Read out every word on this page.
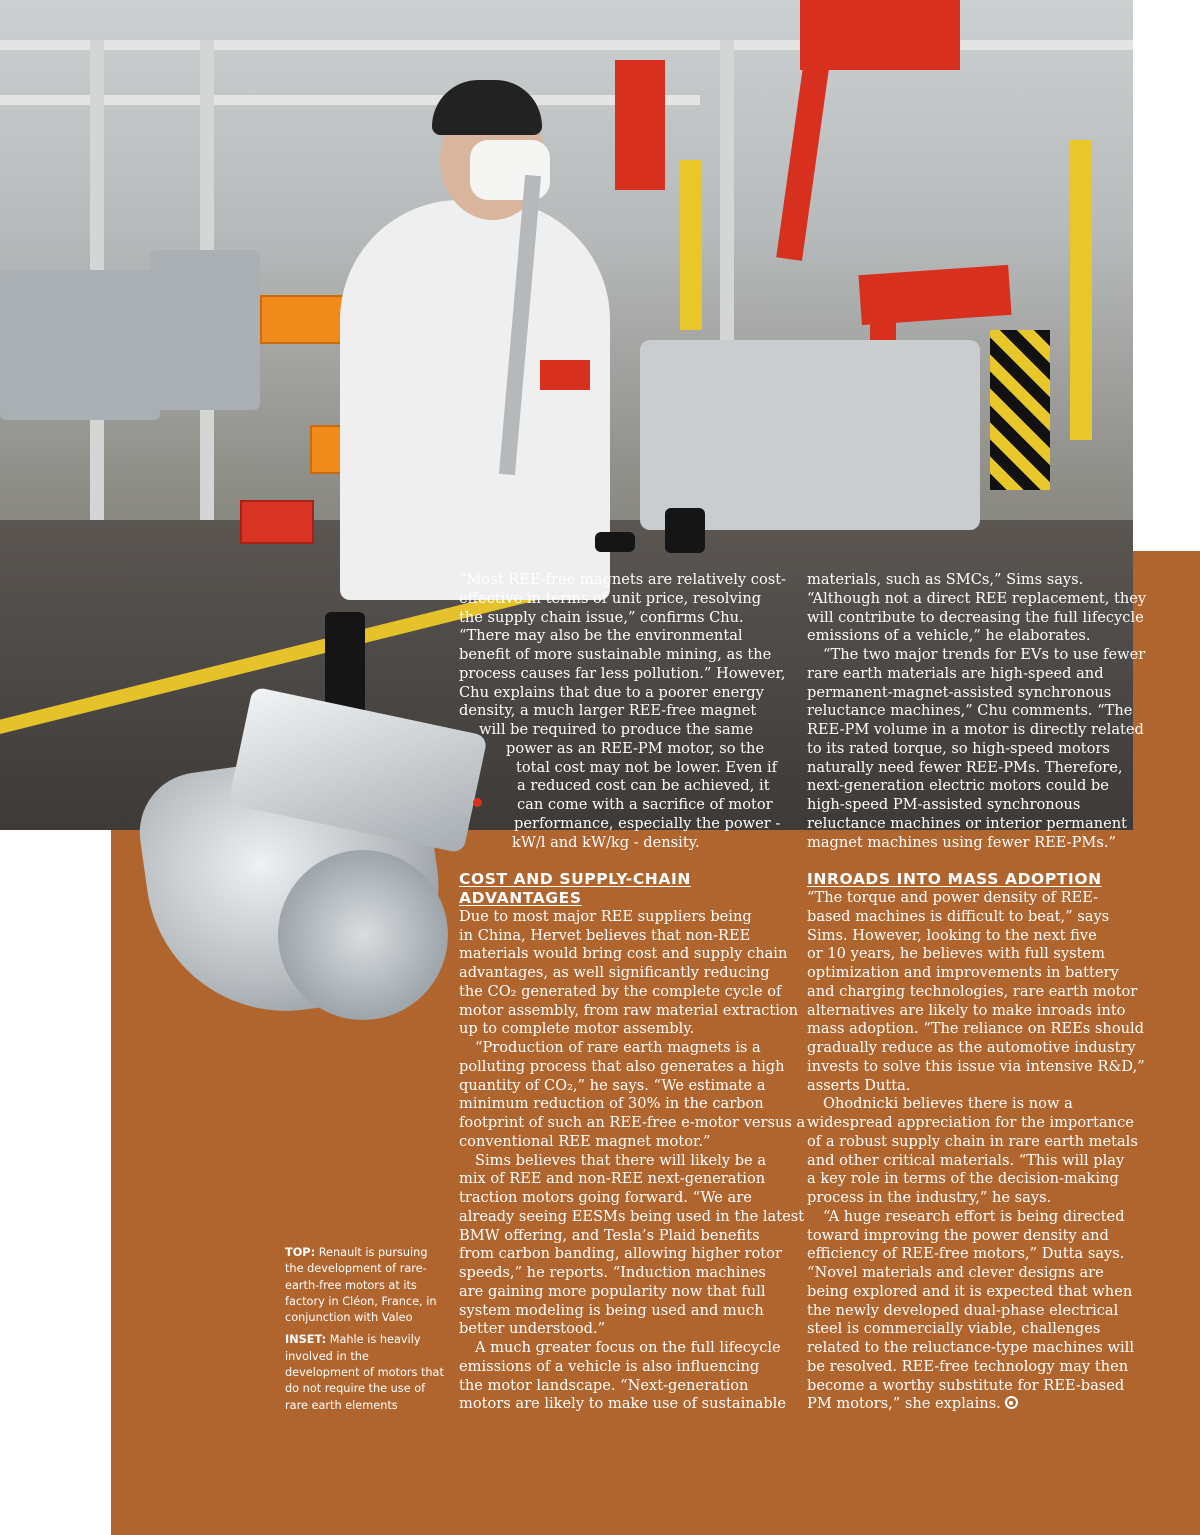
“Most REE-free magnets are relatively cost-
effective in terms of unit price, resolving
the supply chain issue,” confirms Chu.
“There may also be the environmental
benefit of more sustainable mining, as the
process causes far less pollution.” However,
Chu explains that due to a poorer energy
density, a much larger REE-free magnet
will be required to produce the same
power as an REE-PM motor, so the
total cost may not be lower. Even if
a reduced cost can be achieved, it
can come with a sacrifice of motor
performance, especially the power -
kW/l and kW/kg - density.

COST AND SUPPLY-CHAIN
ADVANTAGES

Due to most major REE suppliers being
in China, Hervet believes that non-REE
materials would bring cost and supply chain
advantages, as well significantly reducing
the CO₂ generated by the complete cycle of
motor assembly, from raw material extraction
up to complete motor assembly.

“Production of rare earth magnets is a
polluting process that also generates a high
quantity of CO₂,” he says. “We estimate a
minimum reduction of 30% in the carbon
footprint of such an REE-free e-motor versus a
conventional REE magnet motor.”

Sims believes that there will likely be a
mix of REE and non-REE next-generation
traction motors going forward. “We are
already seeing EESMs being used in the latest
BMW offering, and Tesla’s Plaid benefits
from carbon banding, allowing higher rotor
speeds,” he reports. “Induction machines
are gaining more popularity now that full
system modeling is being used and much
better understood.”

A much greater focus on the full lifecycle
emissions of a vehicle is also influencing
the motor landscape. “Next-generation
motors are likely to make use of sustainable

materials, such as SMCs,” Sims says.
“Although not a direct REE replacement, they
will contribute to decreasing the full lifecycle
emissions of a vehicle,” he elaborates.

“The two major trends for EVs to use fewer
rare earth materials are high-speed and
permanent-magnet-assisted synchronous
reluctance machines,” Chu comments. “The
REE-PM volume in a motor is directly related
to its rated torque, so high-speed motors
naturally need fewer REE-PMs. Therefore,
next-generation electric motors could be
high-speed PM-assisted synchronous
reluctance machines or interior permanent
magnet machines using fewer REE-PMs.”

INROADS INTO MASS ADOPTION

“The torque and power density of REE-
based machines is difficult to beat,” says
Sims. However, looking to the next five
or 10 years, he believes with full system
optimization and improvements in battery
and charging technologies, rare earth motor
alternatives are likely to make inroads into
mass adoption. “The reliance on REEs should
gradually reduce as the automotive industry
invests to solve this issue via intensive R&D,”
asserts Dutta.

Ohodnicki believes there is now a
widespread appreciation for the importance
of a robust supply chain in rare earth metals
and other critical materials. “This will play
a key role in terms of the decision-making
process in the industry,” he says.

“A huge research effort is being directed
toward improving the power density and
efficiency of REE-free motors,” Dutta says.
“Novel materials and clever designs are
being explored and it is expected that when
the newly developed dual-phase electrical
steel is commercially viable, challenges
related to the reluctance-type machines will
be resolved. REE-free technology may then
become a worthy substitute for REE-based
PM motors,” she explains.

TOP: Renault is pursuing the development of rare-earth-free motors at its factory in Cléon, France, in conjunction with Valeo

INSET: Mahle is heavily involved in the development of motors that do not require the use of rare earth elements
